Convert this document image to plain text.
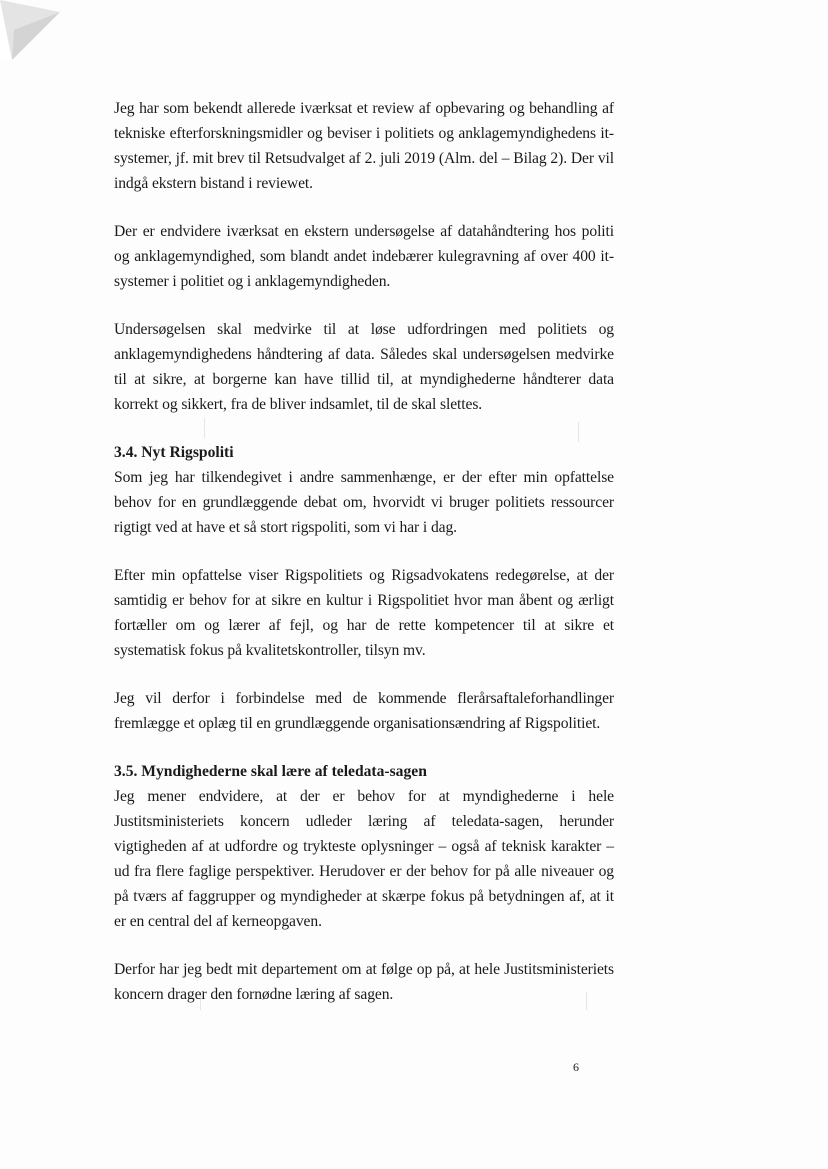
Jeg har som bekendt allerede iværksat et review af opbevaring og behandling af tekniske efterforskningsmidler og beviser i politiets og anklagemyndighedens it-systemer, jf. mit brev til Retsudvalget af 2. juli 2019 (Alm. del – Bilag 2). Der vil indgå ekstern bistand i reviewet.

Der er endvidere iværksat en ekstern undersøgelse af datahåndtering hos politi og anklagemyndighed, som blandt andet indebærer kulegravning af over 400 it-systemer i politiet og i anklagemyndigheden.

Undersøgelsen skal medvirke til at løse udfordringen med politiets og anklagemyndighedens håndtering af data. Således skal undersøgelsen medvirke til at sikre, at borgerne kan have tillid til, at myndighederne håndterer data korrekt og sikkert, fra de bliver indsamlet, til de skal slettes.

3.4. Nyt Rigspoliti

Som jeg har tilkendegivet i andre sammenhænge, er der efter min opfattelse behov for en grundlæggende debat om, hvorvidt vi bruger politiets ressourcer rigtigt ved at have et så stort rigspoliti, som vi har i dag.

Efter min opfattelse viser Rigspolitiets og Rigsadvokatens redegørelse, at der samtidig er behov for at sikre en kultur i Rigspolitiet hvor man åbent og ærligt fortæller om og lærer af fejl, og har de rette kompetencer til at sikre et systematisk fokus på kvalitetskontroller, tilsyn mv.

Jeg vil derfor i forbindelse med de kommende flerårsaftaleforhandlinger fremlægge et oplæg til en grundlæggende organisationsændring af Rigspolitiet.

3.5. Myndighederne skal lære af teledata-sagen

Jeg mener endvidere, at der er behov for at myndighederne i hele Justitsministeriets koncern udleder læring af teledata-sagen, herunder vigtigheden af at udfordre og trykteste oplysninger – også af teknisk karakter – ud fra flere faglige perspektiver. Herudover er der behov for på alle niveauer og på tværs af faggrupper og myndigheder at skærpe fokus på betydningen af, at it er en central del af kerneopgaven.

Derfor har jeg bedt mit departement om at følge op på, at hele Justitsministeriets koncern drager den fornødne læring af sagen.

6
